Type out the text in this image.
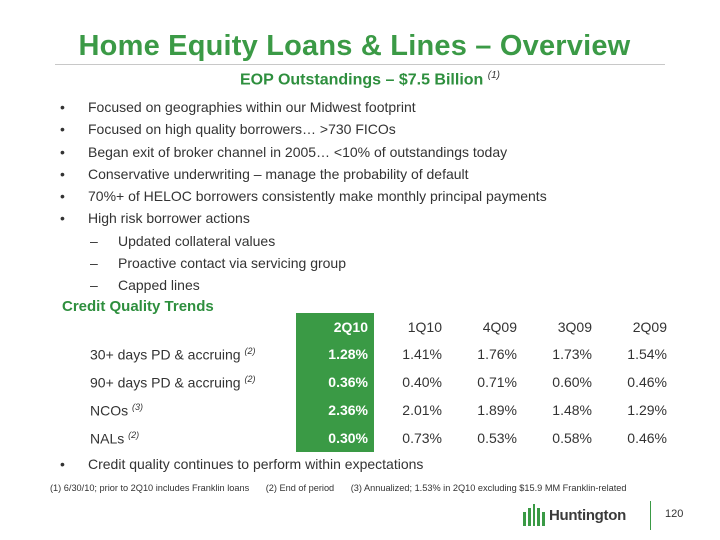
Home Equity Loans & Lines – Overview
EOP Outstandings – $7.5 Billion $^{(1)}$
• Focused on geographies within our Midwest footprint
• Focused on high quality borrowers… >730 FICOs
• Began exit of broker channel in 2005… <10% of outstandings today
• Conservative underwriting – manage the probability of default
• 70%+ of HELOC borrowers consistently make monthly principal payments
• High risk borrower actions
– Updated collateral values
– Proactive contact via servicing group
– Capped lines
Credit Quality Trends
	2Q10	1Q10	4Q09	3Q09	2Q09
30+ days PD & accruing $^{(2)}$	1.28%	1.41%	1.76%	1.73%	1.54%
90+ days PD & accruing $^{(2)}$	0.36%	0.40%	0.71%	0.60%	0.46%
NCOs $^{(3)}$	2.36%	2.01%	1.89%	1.48%	1.29%
NALs $^{(2)}$	0.30%	0.73%	0.53%	0.58%	0.46%
• Credit quality continues to perform within expectations
(1) 6/30/10; prior to 2Q10 includes Franklin loans (2) End of period (3) Annualized; 1.53% in 2Q10 excluding $15.9 MM Franklin-related
Huntington	120
